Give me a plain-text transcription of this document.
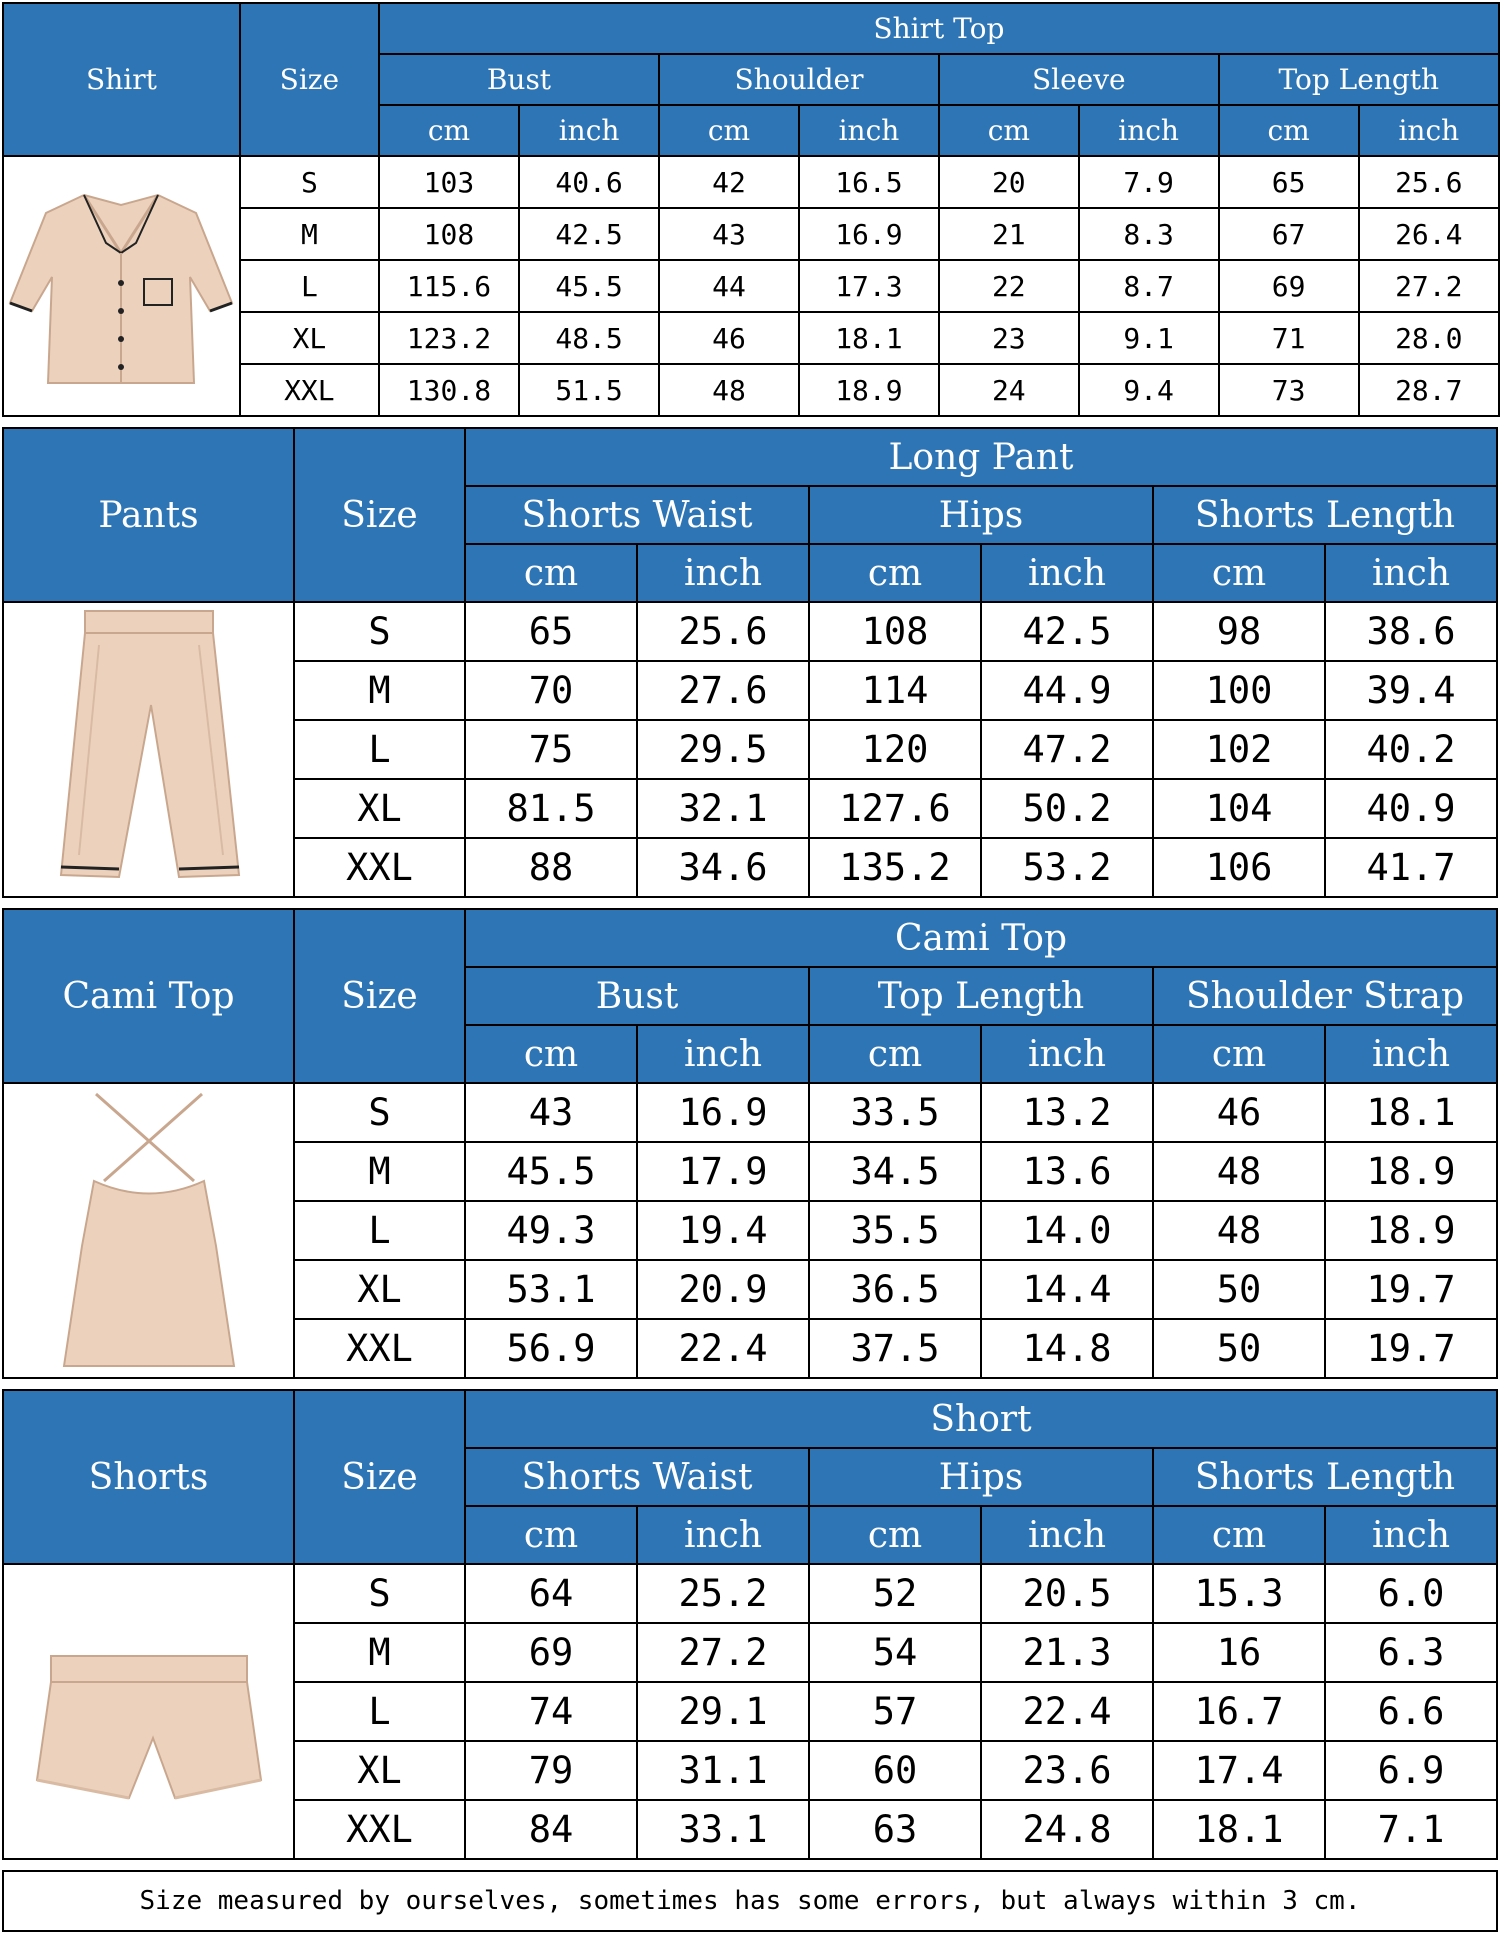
Shirt	Size	Shirt Top							
		Bust		Shoulder		Sleeve		Top Length	
		cm	inch	cm	inch	cm	inch	cm	inch

	S	103	40.6	42	16.5	20	7.9	65	25.6
	M	108	42.5	43	16.9	21	8.3	67	26.4
	L	115.6	45.5	44	17.3	22	8.7	69	27.2
	XL	123.2	48.5	46	18.1	23	9.1	71	28.0
	XXL	130.8	51.5	48	18.9	24	9.4	73	28.7
Pants	Size	Long Pant					
		Shorts Waist		Hips		Shorts Length	
		cm	inch	cm	inch	cm	inch

	S	65	25.6	108	42.5	98	38.6
	M	70	27.6	114	44.9	100	39.4
	L	75	29.5	120	47.2	102	40.2
	XL	81.5	32.1	127.6	50.2	104	40.9
	XXL	88	34.6	135.2	53.2	106	41.7
Cami Top	Size	Cami Top					
		Bust		Top Length		Shoulder Strap	
		cm	inch	cm	inch	cm	inch

	S	43	16.9	33.5	13.2	46	18.1
	M	45.5	17.9	34.5	13.6	48	18.9
	L	49.3	19.4	35.5	14.0	48	18.9
	XL	53.1	20.9	36.5	14.4	50	19.7
	XXL	56.9	22.4	37.5	14.8	50	19.7
Shorts	Size	Short					
		Shorts Waist		Hips		Shorts Length	
		cm	inch	cm	inch	cm	inch

	S	64	25.2	52	20.5	15.3	6.0
	M	69	27.2	54	21.3	16	6.3
	L	74	29.1	57	22.4	16.7	6.6
	XL	79	31.1	60	23.6	17.4	6.9
	XXL	84	33.1	63	24.8	18.1	7.1
Size measured by ourselves, sometimes has some errors, but always within 3 cm.
